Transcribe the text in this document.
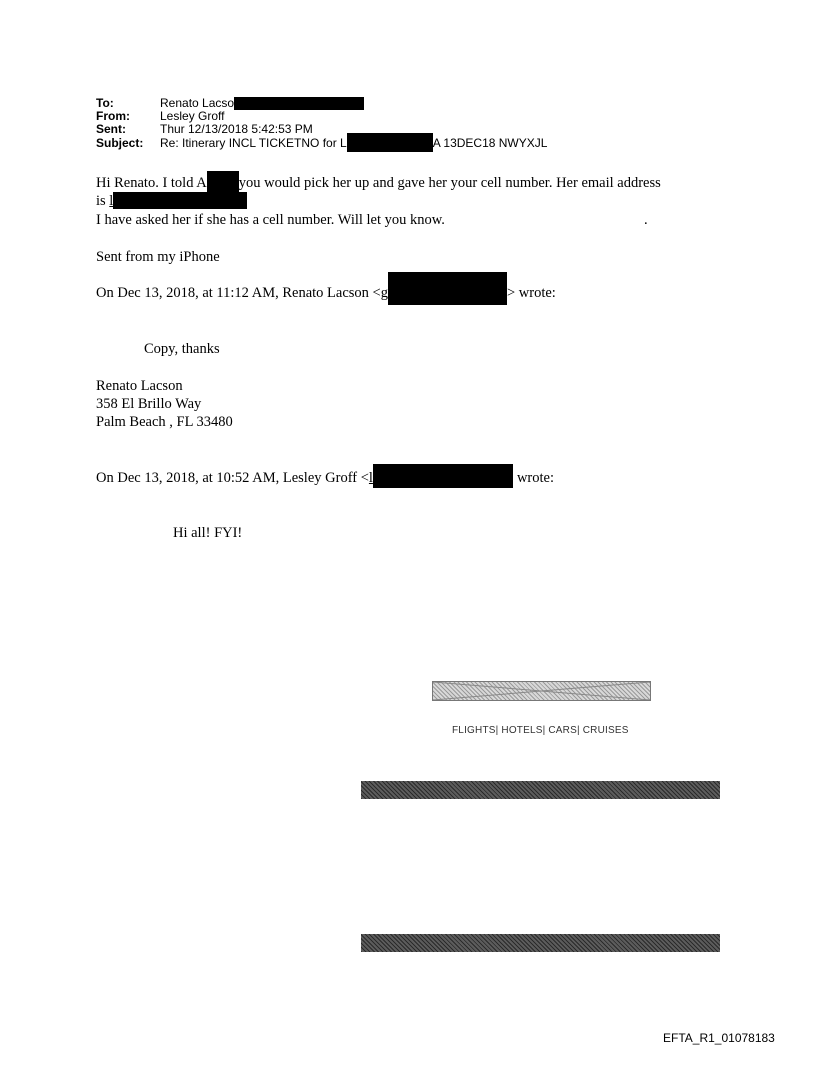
To:	Renato Lacso
From:	Lesley Groff
Sent:	Thur 12/13/2018 5:42:53 PM
Subject: Re: Itinerary INCL TICKETNO for L	A 13DEC18 NWYXJL
Hi Renato. I told A you would pick her up and gave her your cell number. Her email address
is l
I have asked her if she has a cell number. Will let you know.	.
Sent from my iPhone
On Dec 13, 2018, at 11:12 AM, Renato Lacson <g	> wrote:
Copy, thanks
Renato Lacson
358 El Brillo Way
Palm Beach , FL 33480
On Dec 13, 2018, at 10:52 AM, Lesley Groff <l	wrote:
Hi all! FYI!
FLIGHTS| HOTELS| CARS| CRUISES
EFTA_R1_01078183
